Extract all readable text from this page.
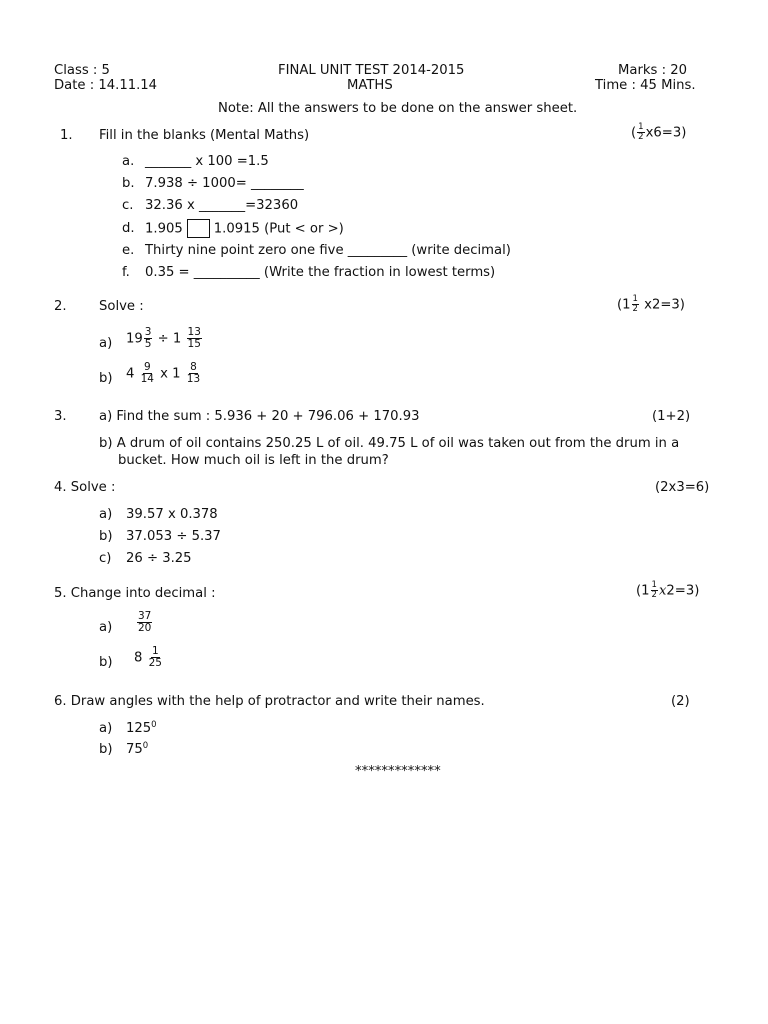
Class : 5
Date : 14.11.14
FINAL UNIT TEST 2014-2015
MATHS
Marks : 20
Time : 45 Mins.
Note: All the answers to be done on the answer sheet.
1. Fill in the blanks (Mental Maths)	( $\frac{1}{2} x6=3$)
a. _______ x 100 =1.5
b. 7.938 ÷ 1000= ________
c. 32.36 x _______=32360
d. 1.905 1.0915 (Put < or >)
e. Thirty nine point zero one five _________ (write decimal)
f. 0.35 = __________ (Write the fraction in lowest terms)
2. Solve :	$(1 \frac{1}{2} x2=3)$
a) $19 \frac{3}{5} \div 1 \frac{13}{15}$
b) $4 \frac{9}{14}$ x $1 \frac{8}{13}$
3. a) Find the sum : 5.936 + 20 + 796.06 + 170.93	(1+2)
b) A drum of oil contains 250.25 L of oil. 49.75 L of oil was taken out from the drum in a
bucket. How much oil is left in the drum?
4. Solve :	(2x3=6)
a) 39.57 x 0.378
b) 37.053 ÷ 5.37
c) 26 ÷ 3.25
5. Change into decimal :	$(1 \frac{1}{2} x2=3)$
$a) \frac{37}{20}$
b) $8 \frac{1}{25}$
6. Draw angles with the help of protractor and write their names.	(2)
a) $125^0$
b) $75^0$
*************
